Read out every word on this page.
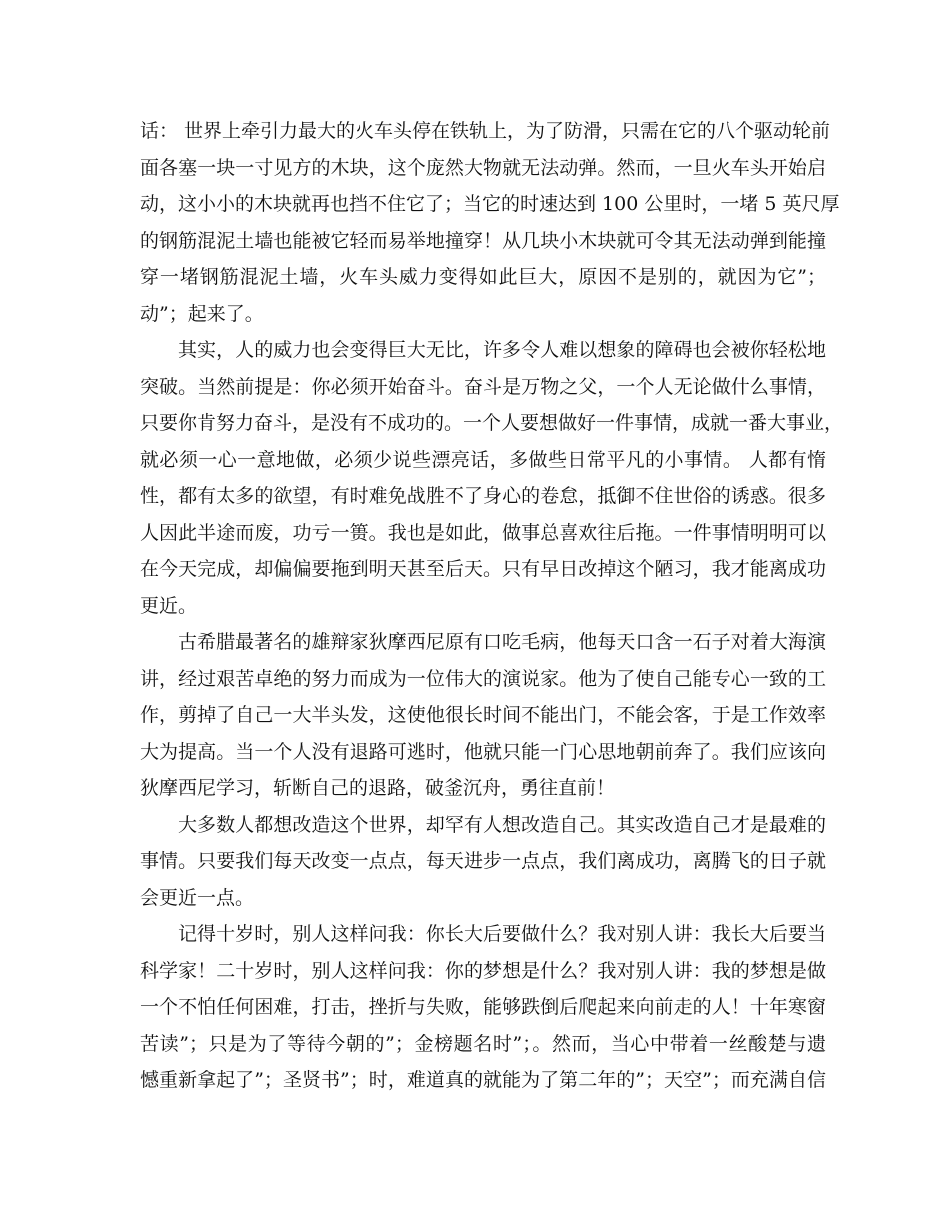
话： 世界上牵引力最大的火车头停在铁轨上，为了防滑，只需在它的八个驱动轮前
面各塞一块一寸见方的木块，这个庞然大物就无法动弹。然而，一旦火车头开始启
动，这小小的木块就再也挡不住它了；当它的时速达到 100 公里时，一堵 5 英尺厚
的钢筋混泥土墙也能被它轻而易举地撞穿！从几块小木块就可令其无法动弹到能撞
穿一堵钢筋混泥土墙，火车头威力变得如此巨大，原因不是别的，就因为它”；
动”；起来了。
其实，人的威力也会变得巨大无比，许多令人难以想象的障碍也会被你轻松地
突破。当然前提是：你必须开始奋斗。奋斗是万物之父，一个人无论做什么事情，
只要你肯努力奋斗，是没有不成功的。一个人要想做好一件事情，成就一番大事业，
就必须一心一意地做，必须少说些漂亮话，多做些日常平凡的小事情。 人都有惰
性，都有太多的欲望，有时难免战胜不了身心的卷怠，抵御不住世俗的诱惑。很多
人因此半途而废，功亏一篑。我也是如此，做事总喜欢往后拖。一件事情明明可以
在今天完成，却偏偏要拖到明天甚至后天。只有早日改掉这个陋习，我才能离成功
更近。
古希腊最著名的雄辩家狄摩西尼原有口吃毛病，他每天口含一石子对着大海演
讲，经过艰苦卓绝的努力而成为一位伟大的演说家。他为了使自己能专心一致的工
作，剪掉了自己一大半头发，这使他很长时间不能出门，不能会客，于是工作效率
大为提高。当一个人没有退路可逃时，他就只能一门心思地朝前奔了。我们应该向
狄摩西尼学习，斩断自己的退路，破釜沉舟，勇往直前！
大多数人都想改造这个世界，却罕有人想改造自己。其实改造自己才是最难的
事情。只要我们每天改变一点点，每天进步一点点，我们离成功，离腾飞的日子就
会更近一点。
记得十岁时，别人这样问我：你长大后要做什么？我对别人讲：我长大后要当
科学家！二十岁时，别人这样问我：你的梦想是什么？我对别人讲：我的梦想是做
一个不怕任何困难，打击，挫折与失败，能够跌倒后爬起来向前走的人！十年寒窗
苦读”；只是为了等待今朝的”；金榜题名时”；。然而，当心中带着一丝酸楚与遗
憾重新拿起了”；圣贤书”；时，难道真的就能为了第二年的”；天空”；而充满自信
